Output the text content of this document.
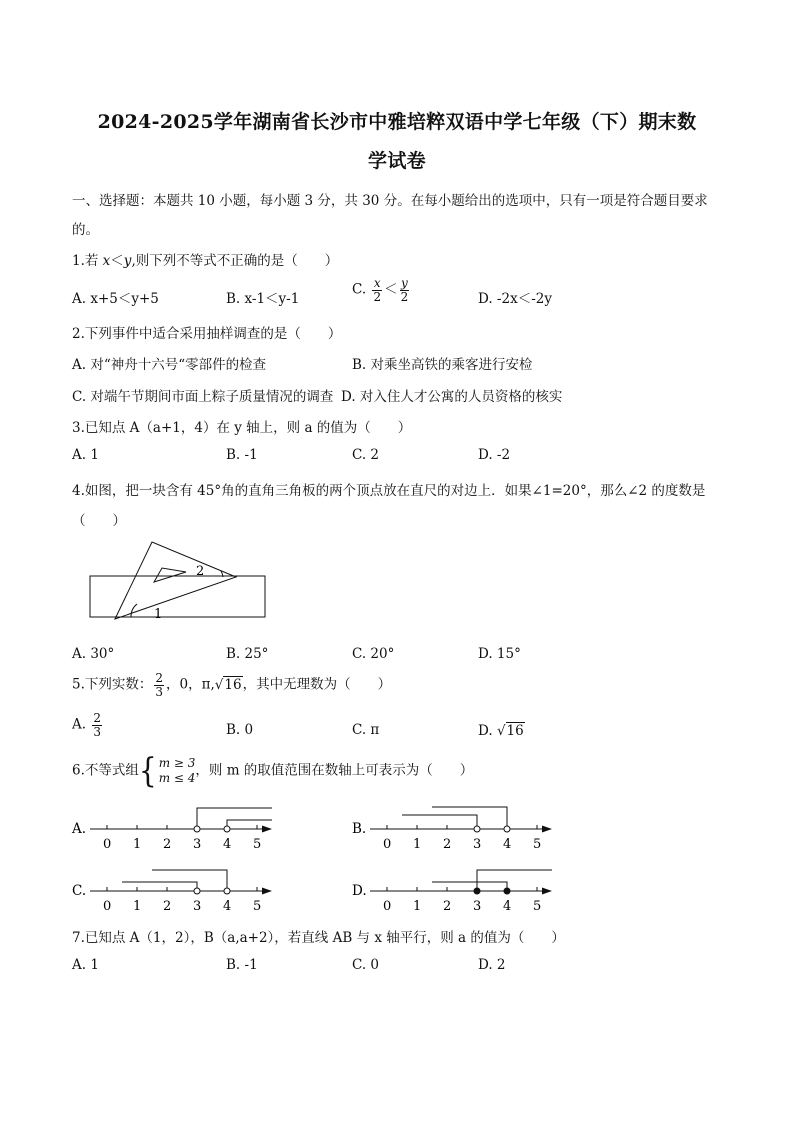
2024-2025学年湖南省长沙市中雅培粹双语中学七年级（下）期末数
学试卷
一、选择题：本题共 10 小题，每小题 3 分，共 30 分。在每小题给出的选项中，只有一项是符合题目要求
的。
1.若 x＜y,则下列不等式不正确的是（　　）
A. x+5＜y+5	B. x-1＜y-1
C. $\frac{x}{2} < \frac{y}{2}$	D. -2x＜-2y
2.下列事件中适合采用抽样调查的是（　　）
A. 对“神舟十六号“零部件的检查	B. 对乘坐高铁的乘客进行安检
C. 对端午节期间市面上粽子质量情况的调查 D. 对入住人才公寓的人员资格的核实
3.已知点 A（a+1，4）在 y 轴上，则 a 的值为（　　）
A. 1	B. -1	C. 2	D. -2
4.如图，把一块含有 45°角的直角三角板的两个顶点放在直尺的对边上．如果∠1=20°，那么∠2 的度数是
（　　）
1
2
A. 30°	B. 25°	C. 20°	D. 15°
5.下列实数： $\frac{2}{3}$ ，0，π,√16，其中无理数为（　　）
A. $\frac{2}{3}$	B. 0	C. π	D. √16
6.不等式组{ m ≥ 3
m ≤ 4 ，则 m 的取值范围在数轴上可表示为（　　）
A.
0 1 2 3 4 5
B.
0 1 2 3 4 5
C.
0 1 2 3 4 5
D.
0 1 2 3 4 5
7.已知点 A（1，2），B（a,a+2），若直线 AB 与 x 轴平行，则 a 的值为（　　）
A. 1	B. -1	C. 0	D. 2
